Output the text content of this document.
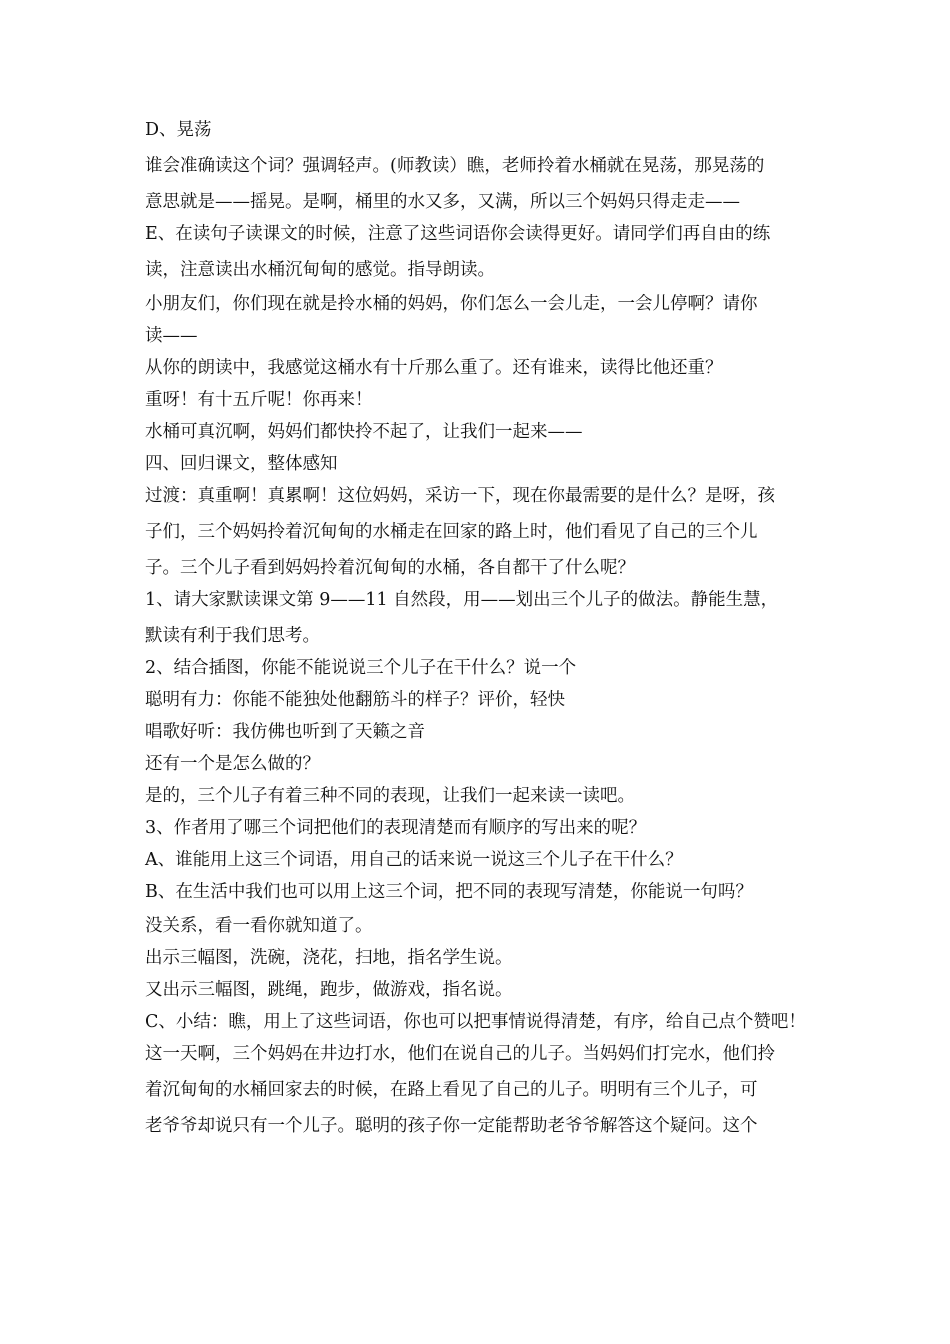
D、晃荡

谁会准确读这个词？强调轻声。(师教读）瞧，老师拎着水桶就在晃荡，那晃荡的

意思就是——摇晃。是啊，桶里的水又多，又满，所以三个妈妈只得走走——

E、在读句子读课文的时候，注意了这些词语你会读得更好。请同学们再自由的练

读，注意读出水桶沉甸甸的感觉。指导朗读。

小朋友们，你们现在就是拎水桶的妈妈，你们怎么一会儿走，一会儿停啊？请你

读——

从你的朗读中，我感觉这桶水有十斤那么重了。还有谁来，读得比他还重？

重呀！有十五斤呢！你再来！

水桶可真沉啊，妈妈们都快拎不起了，让我们一起来——

四、回归课文，整体感知

过渡：真重啊！真累啊！这位妈妈，采访一下，现在你最需要的是什么？是呀，孩

子们，三个妈妈拎着沉甸甸的水桶走在回家的路上时，他们看见了自己的三个儿

子。三个儿子看到妈妈拎着沉甸甸的水桶，各自都干了什么呢？

1、请大家默读课文第 9——11 自然段，用——划出三个儿子的做法。静能生慧，

默读有利于我们思考。

2、结合插图，你能不能说说三个儿子在干什么？说一个

聪明有力：你能不能独处他翻筋斗的样子？评价，轻快

唱歌好听：我仿佛也听到了天籁之音

还有一个是怎么做的？

是的，三个儿子有着三种不同的表现，让我们一起来读一读吧。

3、作者用了哪三个词把他们的表现清楚而有顺序的写出来的呢？

A、谁能用上这三个词语，用自己的话来说一说这三个儿子在干什么？

B、在生活中我们也可以用上这三个词，把不同的表现写清楚，你能说一句吗？

没关系，看一看你就知道了。

出示三幅图，洗碗，浇花，扫地，指名学生说。

又出示三幅图，跳绳，跑步，做游戏，指名说。

C、小结：瞧，用上了这些词语，你也可以把事情说得清楚，有序，给自己点个赞吧！

这一天啊，三个妈妈在井边打水，他们在说自己的儿子。当妈妈们打完水，他们拎

着沉甸甸的水桶回家去的时候，在路上看见了自己的儿子。明明有三个儿子，可

老爷爷却说只有一个儿子。聪明的孩子你一定能帮助老爷爷解答这个疑问。这个
